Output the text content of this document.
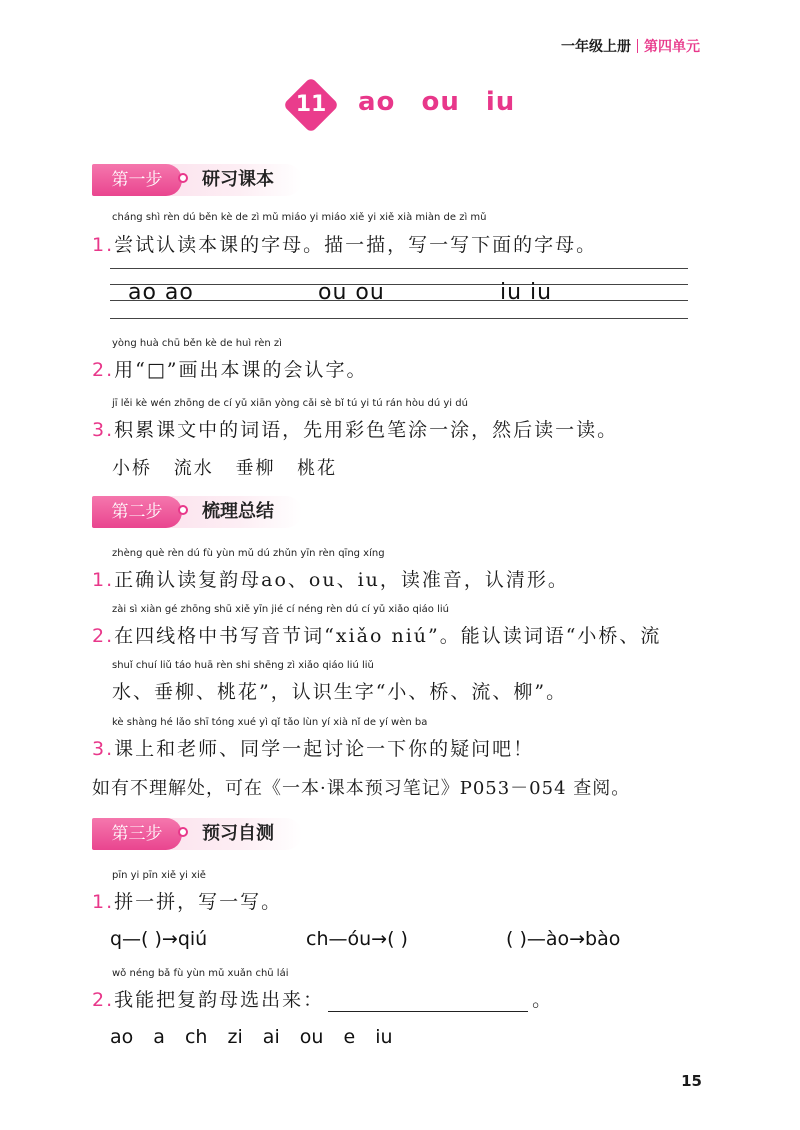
一年级上册 第四单元
11	ao ou iu
第一步	研习课本
cháng shì rèn dú běn kè de zì mǔ miáo yi miáo xiě yi xiě xià miàn de zì mǔ
1.尝试认读本课的字母。描一描，写一写下面的字母。
ao ao	ou ou	iu iu
yòng huà chū běn kè de huì rèn zì
2.用“□”画出本课的会认字。
jī lěi kè wén zhōng de cí yǔ xiān yòng cǎi sè bǐ tú yi tú rán hòu dú yi dú
3.积累课文中的词语，先用彩色笔涂一涂，然后读一读。
小桥 流水 垂柳 桃花
第二步	梳理总结
zhèng què rèn dú fù yùn mǔ dú zhǔn yīn rèn qīng xíng
1.正确认读复韵母ao、ou、iu，读准音，认清形。
zài sì xiàn gé zhōng shū xiě yīn jié cí néng rèn dú cí yǔ xiǎo qiáo liú
2.在四线格中书写音节词“xiǎo niú”。能认读词语“小桥、流
shuǐ chuí liǔ táo huā rèn shi shēng zì xiǎo qiáo liú liǔ
水、垂柳、桃花”，认识生字“小、桥、流、柳”。
kè shàng hé lǎo shī tóng xué yì qǐ tǎo lùn yí xià nǐ de yí wèn ba
3.课上和老师、同学一起讨论一下你的疑问吧！
如有不理解处，可在《一本·课本预习笔记》P053－054 查阅。
第三步	预习自测
pīn yi pīn xiě yi xiě
1.拼一拼，写一写。
q—( )→qiú	ch—óu→( )	( )—ào→bào
wǒ néng bǎ fù yùn mǔ xuǎn chū lái
2.我能把复韵母选出来：	。
ao a ch zi ai ou e iu
15
